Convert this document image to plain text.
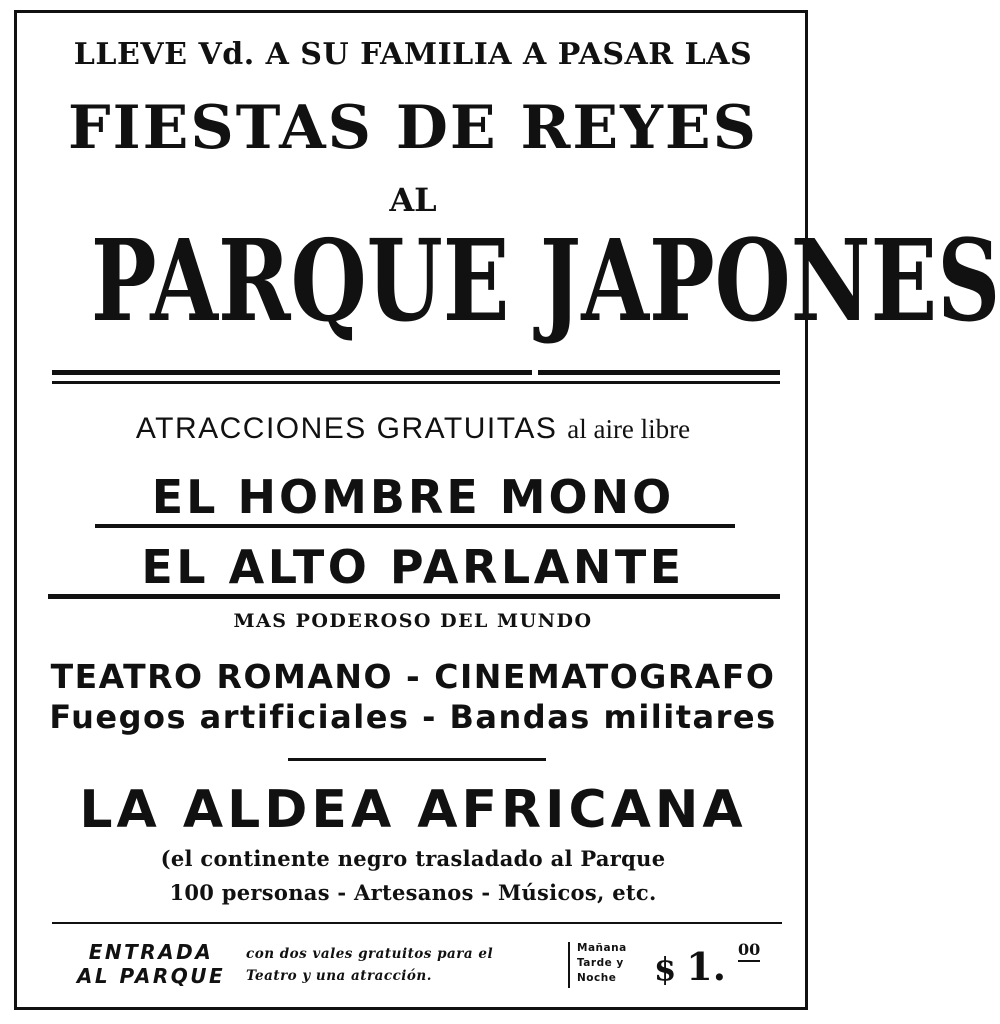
LLEVE Vd. A SU FAMILIA A PASAR LAS
FIESTAS DE REYES
AL
PARQUE JAPONES
ATRACCIONES GRATUITAS al aire libre
EL HOMBRE MONO
EL ALTO PARLANTE
MAS PODEROSO DEL MUNDO
TEATRO ROMANO - CINEMATOGRAFO
Fuegos artificiales - Bandas militares
LA ALDEA AFRICANA
(el continente negro trasladado al Parque
100 personas - Artesanos - Músicos, etc.
ENTRADA
AL PARQUE
con dos vales gratuitos para el
Teatro y una atracción.
Mañana
Tarde y
Noche	$ 1. 00
